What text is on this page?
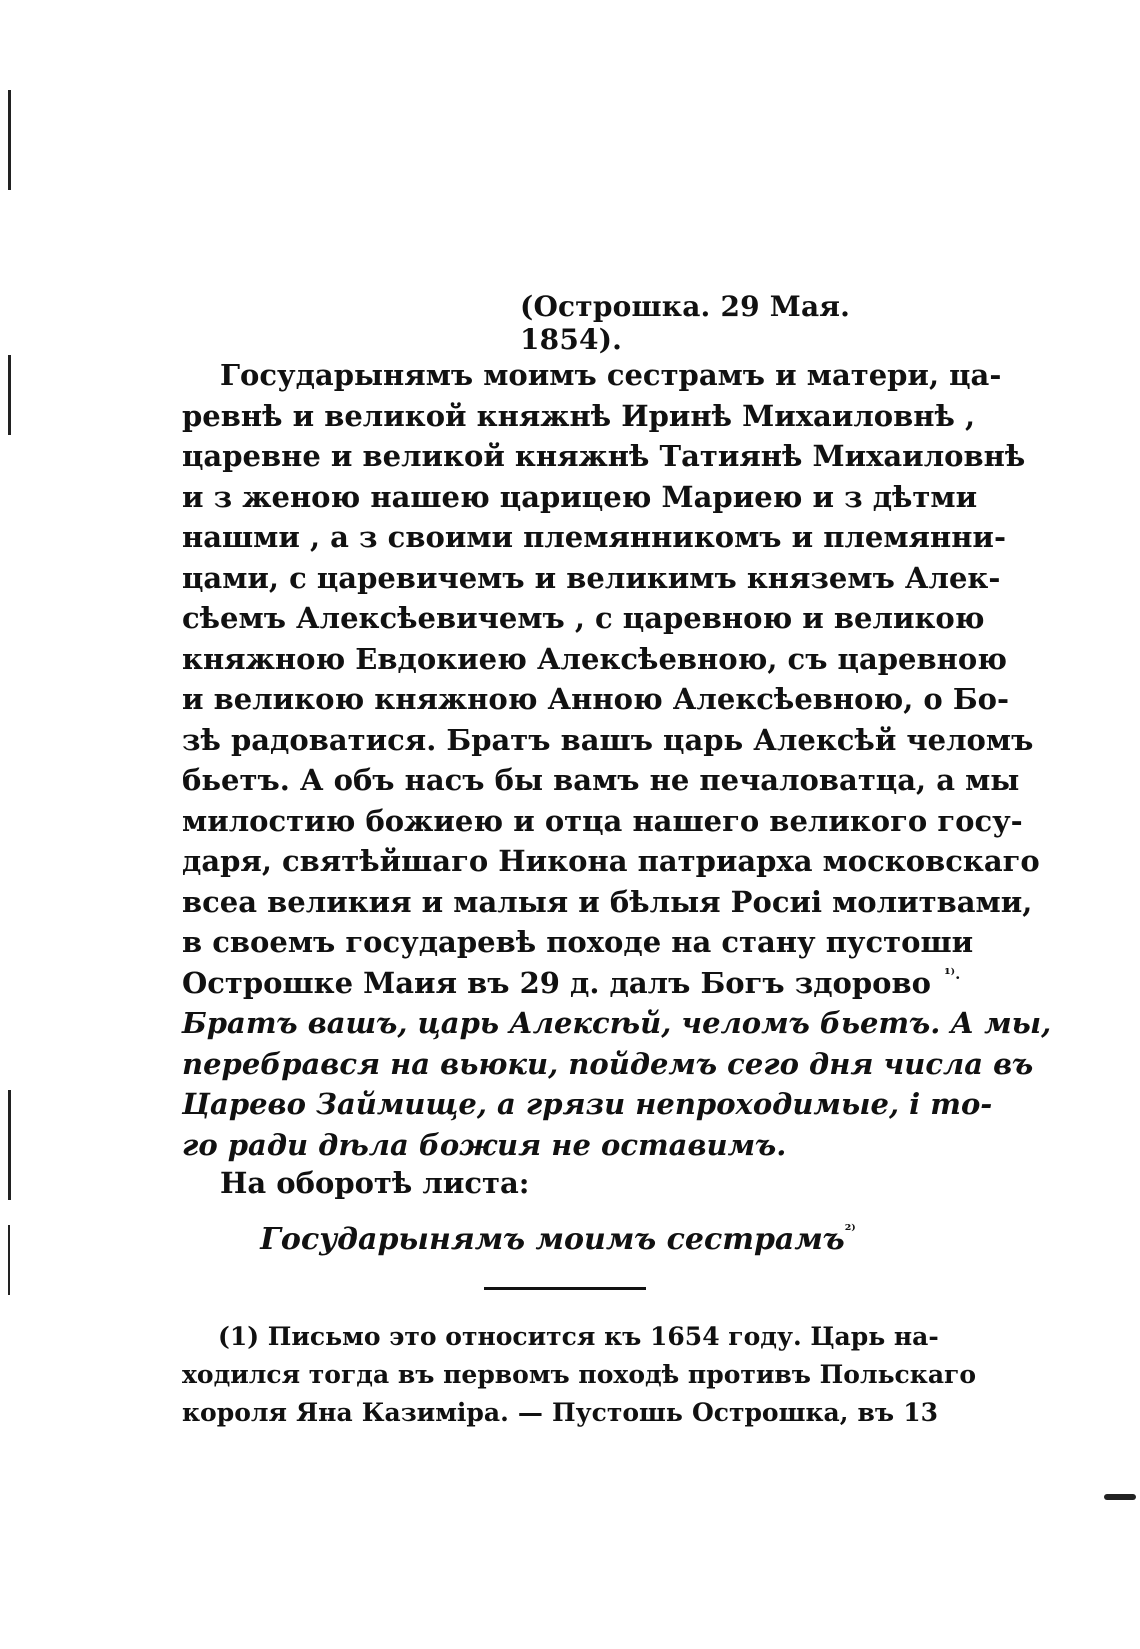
(Острошка. 29 Мая. 1854).
Государынямъ моимъ сестрамъ и матери, ца-
ревнѣ и великой княжнѣ Иринѣ Михаиловнѣ ,
царевне и великой княжнѣ Татиянѣ Михаиловнѣ
и з женою нашею царицею Мариею и з дѣтми
нашми , а з своими племянникомъ и племянни-
цами, с царевичемъ и великимъ княземъ Алек-
сѣемъ Алексѣевичемъ , с царевною и великою
княжною Евдокиею Алексѣевною, съ царевною
и великою княжною Анною Алексѣевною, о Бо-
зѣ радоватися. Братъ вашъ царь Алексѣй челомъ
бьетъ. А объ насъ бы вамъ не печаловатца, а мы
милостию божиею и отца нашего великого госу-
даря, святѣйшаго Никона патриарха московскаго
всеа великия и малыя и бѣлыя Росиі молитвами,
в своемъ государевѣ походе на стану пустоши
Острошке Маия въ 29 д. далъ Богъ здорово $^{^{1)}.}$
Братъ вашъ, царь Алексѣй, челомъ бьетъ. А мы,
перебрався на вьюки, пойдемъ сего дня числа въ
Царево Займище, а грязи непроходимые, і то-
го ради дѣла божия не оставимъ.
На оборотѣ листа:
Государынямъ моимъ сестрамъ$^{^{2)}}$
(1) Письмо это относится къ 1654 году. Царь на-
ходился тогда въ первомъ походѣ противъ Польскаго
короля Яна Казиміра. — Пустошь Острошка, въ 13
